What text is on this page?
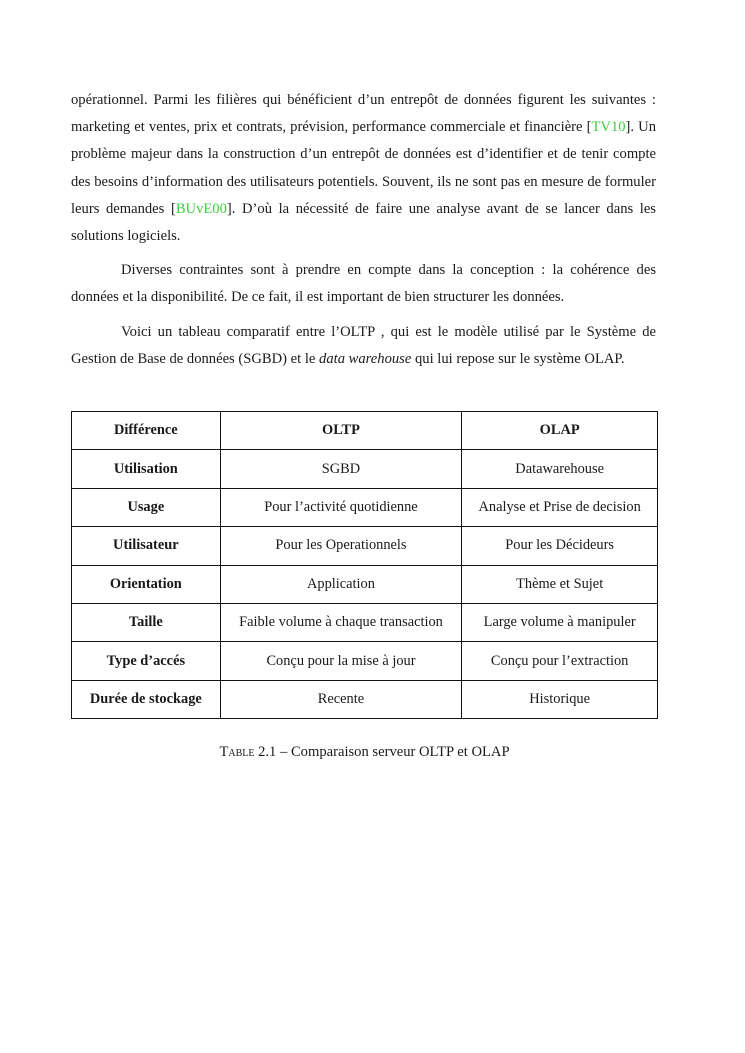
opérationnel. Parmi les filières qui bénéficient d’un entrepôt de données figurent les suivantes : marketing et ventes, prix et contrats, prévision, performance commerciale et financière [TV10]. Un problème majeur dans la construction d’un entrepôt de données est d’identifier et de tenir compte des besoins d’information des utilisateurs potentiels. Souvent, ils ne sont pas en mesure de formuler leurs demandes [BUvE00]. D’où la nécessité de faire une analyse avant de se lancer dans les solutions logiciels.

Diverses contraintes sont à prendre en compte dans la conception : la cohérence des données et la disponibilité. De ce fait, il est important de bien structurer les données.

Voici un tableau comparatif entre l’OLTP , qui est le modèle utilisé par le Système de Gestion de Base de données (SGBD) et le data warehouse qui lui repose sur le système OLAP.

Différence	OLTP	OLAP
Utilisation	SGBD	Datawarehouse
Usage	Pour l’activité quotidienne	Analyse et Prise de decision
Utilisateur	Pour les Operationnels	Pour les Décideurs
Orientation	Application	Thème et Sujet
Taille	Faible volume à chaque transaction	Large volume à manipuler
Type d’accés	Conçu pour la mise à jour	Conçu pour l’extraction
Durée de stockage	Recente	Historique
Table 2.1 – Comparaison serveur OLTP et OLAP
